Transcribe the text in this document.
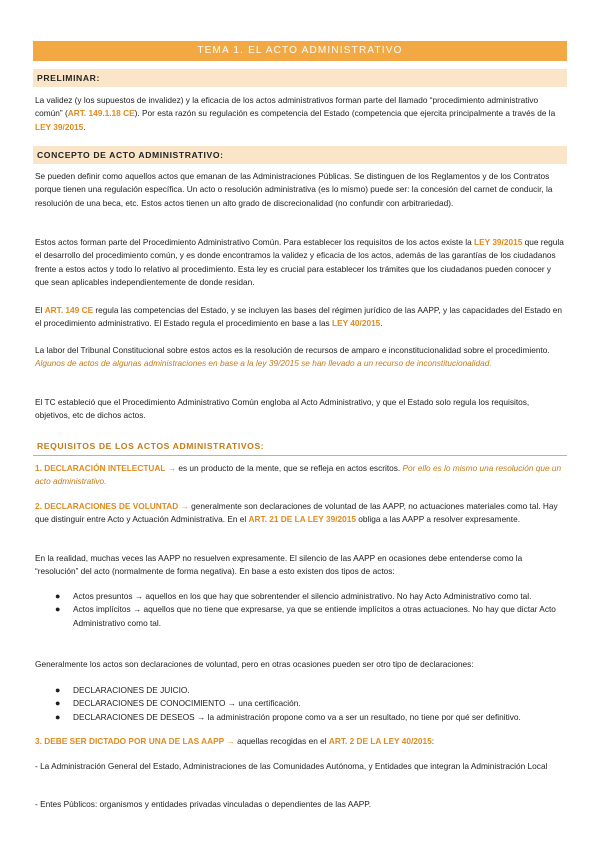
TEMA 1. EL ACTO ADMINISTRATIVO
PRELIMINAR:
La validez (y los supuestos de invalidez) y la eficacia de los actos administrativos forman parte del llamado “procedimiento administrativo común” (ART. 149.1.18 CE). Por esta razón su regulación es competencia del Estado (competencia que ejercita principalmente a través de la LEY 39/2015.
CONCEPTO DE ACTO ADMINISTRATIVO:
Se pueden definir como aquellos actos que emanan de las Administraciones Públicas. Se distinguen de los Reglamentos y de los Contratos porque tienen una regulación específica. Un acto o resolución administrativa (es lo mismo) puede ser: la concesión del carnet de conducir, la resolución de una beca, etc. Estos actos tienen un alto grado de discrecionalidad (no confundir con arbitrariedad).
Estos actos forman parte del Procedimiento Administrativo Común. Para establecer los requisitos de los actos existe la LEY 39/2015 que regula el desarrollo del procedimiento común, y es donde encontramos la validez y eficacia de los actos, además de las garantías de los ciudadanos frente a estos actos y todo lo relativo al procedimiento. Esta ley es crucial para establecer los trámites que los ciudadanos pueden conocer y que sean aplicables independientemente de donde residan.
El ART. 149 CE regula las competencias del Estado, y se incluyen las bases del régimen jurídico de las AAPP, y las capacidades del Estado en el procedimiento administrativo. El Estado regula el procedimiento en base a las LEY 40/2015.
La labor del Tribunal Constitucional sobre estos actos es la resolución de recursos de amparo e inconstitucionalidad sobre el procedimiento. Algunos de actos de algunas administraciones en base a la ley 39/2015 se han llevado a un recurso de inconstitucionalidad.
El TC estableció que el Procedimiento Administrativo Común engloba al Acto Administrativo, y que el Estado solo regula los requisitos, objetivos, etc de dichos actos.
REQUISITOS DE LOS ACTOS ADMINISTRATIVOS:
1. DECLARACIÓN INTELECTUAL → es un producto de la mente, que se refleja en actos escritos. Por ello es lo mismo una resolución que un acto administrativo.
2. DECLARACIONES DE VOLUNTAD → generalmente son declaraciones de voluntad de las AAPP, no actuaciones materiales como tal. Hay que distinguir entre Acto y Actuación Administrativa. En el ART. 21 DE LA LEY 39/2015 obliga a las AAPP a resolver expresamente.
En la realidad, muchas veces las AAPP no resuelven expresamente. El silencio de las AAPP en ocasiones debe entenderse como la “resolución” del acto (normalmente de forma negativa). En base a esto existen dos tipos de actos:
● Actos presuntos → aquellos en los que hay que sobrentender el silencio administrativo. No hay Acto Administrativo como tal.
● Actos implícitos → aquellos que no tiene que expresarse, ya que se entiende implícitos a otras actuaciones. No hay que dictar Acto Administrativo como tal.
Generalmente los actos son declaraciones de voluntad, pero en otras ocasiones pueden ser otro tipo de declaraciones:
● DECLARACIONES DE JUICIO.
● DECLARACIONES DE CONOCIMIENTO → una certificación.
● DECLARACIONES DE DESEOS → la administración propone como va a ser un resultado, no tiene por qué ser definitivo.
3. DEBE SER DICTADO POR UNA DE LAS AAPP → aquellas recogidas en el ART. 2 DE LA LEY 40/2015:
- La Administración General del Estado, Administraciones de las Comunidades Autónoma, y Entidades que integran la Administración Local
- Entes Públicos: organismos y entidades privadas vinculadas o dependientes de las AAPP.
